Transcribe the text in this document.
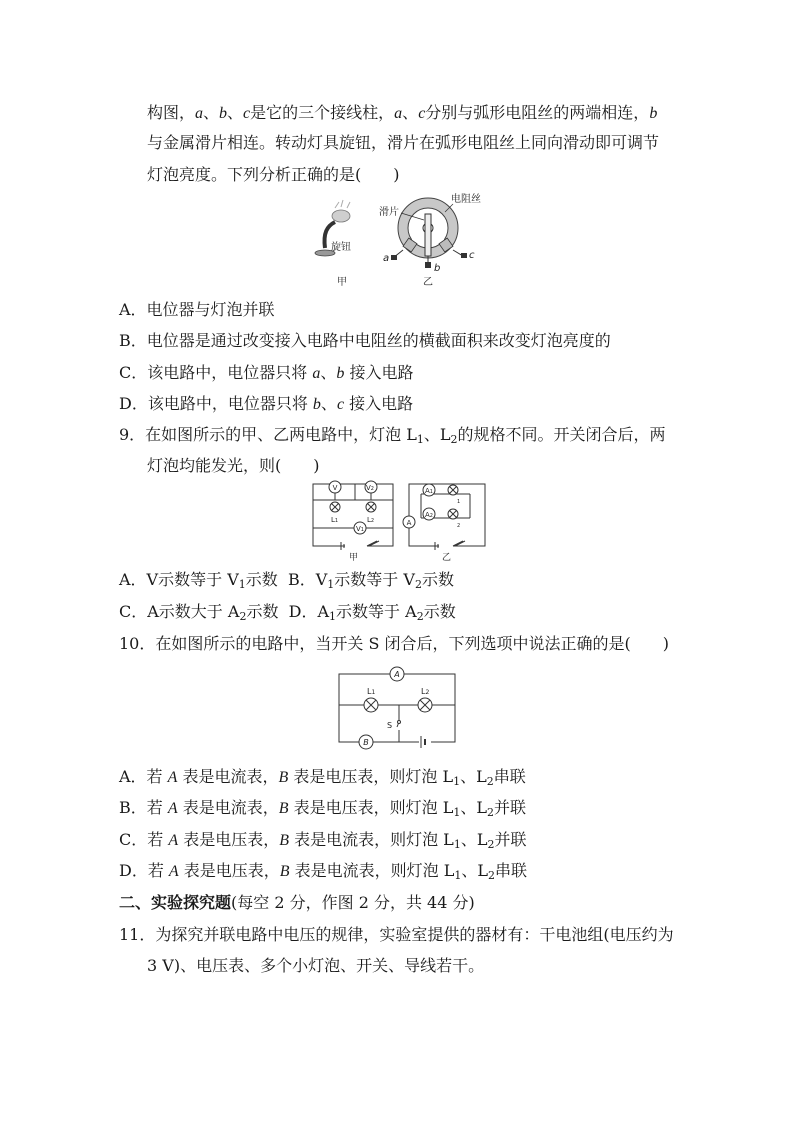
构图，a、b、c是它的三个接线柱，a、c分别与弧形电阻丝的两端相连，b
与金属滑片相连。转动灯具旋钮，滑片在弧形电阻丝上同向滑动即可调节
灯泡亮度。下列分析正确的是(　　)
旋钮
甲
电阻丝
滑片
a
b
c
乙
A．电位器与灯泡并联
B．电位器是通过改变接入电路中电阻丝的横截面积来改变灯泡亮度的
C．该电路中，电位器只将 a、b 接入电路
D．该电路中，电位器只将 b、c 接入电路
9．在如图所示的甲、乙两电路中，灯泡 $L_1$、$L_2$的规格不同。开关闭合后，两
灯泡均能发光，则(　　)
V	V2
V1
A1
A2
A
L1	L2
1
2
甲	乙
A．V示数等于 $V_1$示数 B．$V_1$示数等于 $V_2$示数
C．A示数大于 $A_2$示数 D．$A_1$示数等于 $A_2$示数
10．在如图所示的电路中，当开关 S 闭合后，下列选项中说法正确的是(　　)
A
B
L1	L2
S
A．若 A 表是电流表，B 表是电压表，则灯泡 $L_1$、$L_2$串联
B．若 A 表是电流表，B 表是电压表，则灯泡 $L_1$、$L_2$并联
C．若 A 表是电压表，B 表是电流表，则灯泡 $L_1$、$L_2$并联
D．若 A 表是电压表，B 表是电流表，则灯泡 $L_1$、$L_2$串联
二、实验探究题(每空 2 分，作图 2 分，共 44 分)
11．为探究并联电路中电压的规律，实验室提供的器材有：干电池组(电压约为
3 V)、电压表、多个小灯泡、开关、导线若干。
